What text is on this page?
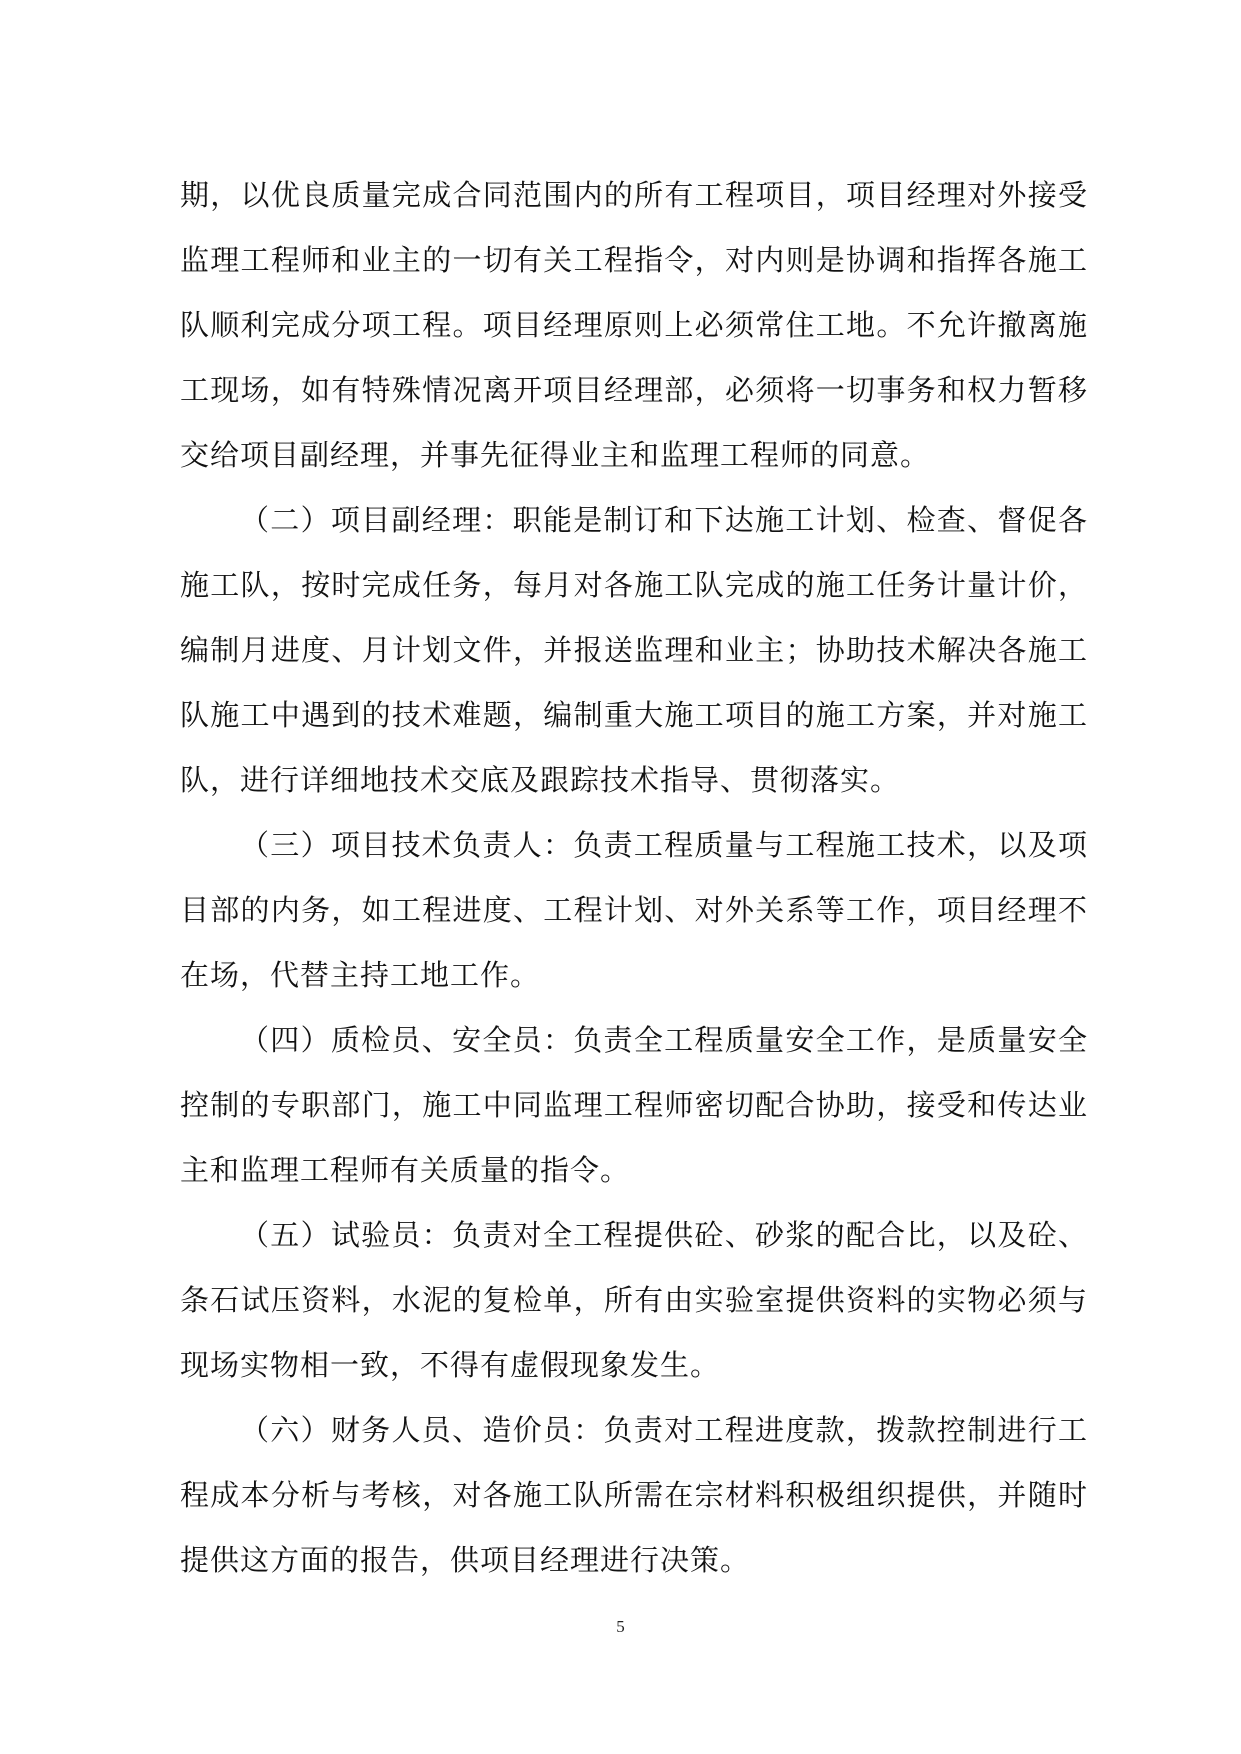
期，以优良质量完成合同范围内的所有工程项目，项目经理对外接受监理工程师和业主的一切有关工程指令，对内则是协调和指挥各施工队顺利完成分项工程。项目经理原则上必须常住工地。不允许撤离施工现场，如有特殊情况离开项目经理部，必须将一切事务和权力暂移交给项目副经理，并事先征得业主和监理工程师的同意。

（二）项目副经理：职能是制订和下达施工计划、检查、督促各施工队，按时完成任务，每月对各施工队完成的施工任务计量计价，编制月进度、月计划文件，并报送监理和业主；协助技术解决各施工队施工中遇到的技术难题，编制重大施工项目的施工方案，并对施工队，进行详细地技术交底及跟踪技术指导、贯彻落实。

（三）项目技术负责人：负责工程质量与工程施工技术，以及项目部的内务，如工程进度、工程计划、对外关系等工作，项目经理不在场，代替主持工地工作。

（四）质检员、安全员：负责全工程质量安全工作，是质量安全控制的专职部门，施工中同监理工程师密切配合协助，接受和传达业主和监理工程师有关质量的指令。

（五）试验员：负责对全工程提供砼、砂浆的配合比，以及砼、条石试压资料，水泥的复检单，所有由实验室提供资料的实物必须与现场实物相一致，不得有虚假现象发生。

（六）财务人员、造价员：负责对工程进度款，拨款控制进行工程成本分析与考核，对各施工队所需在宗材料积极组织提供，并随时提供这方面的报告，供项目经理进行决策。

5
